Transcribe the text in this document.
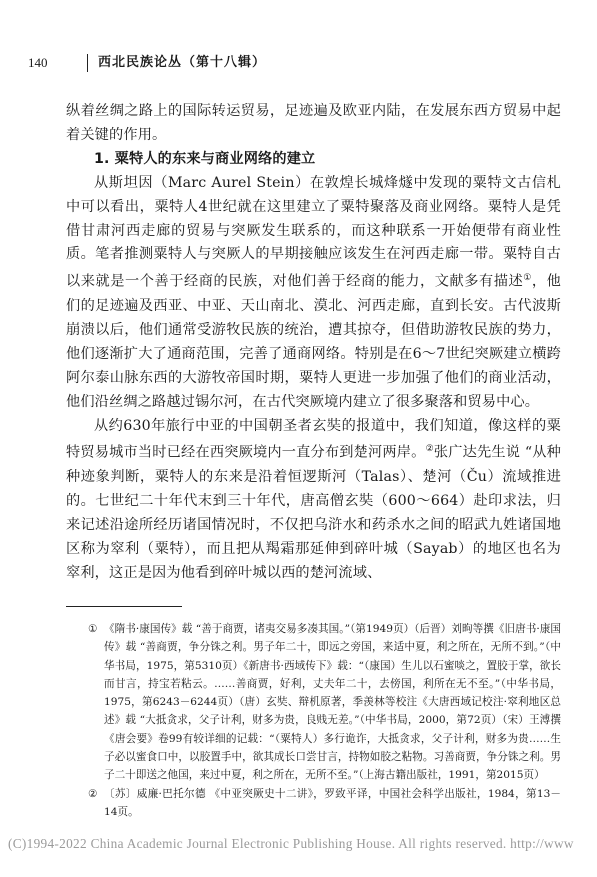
140	西北民族论丛（第十八辑）

纵着丝绸之路上的国际转运贸易，足迹遍及欧亚内陆，在发展东西方贸易中起着关键的作用。

1. 粟特人的东来与商业网络的建立

从斯坦因（Marc Aurel Stein）在敦煌长城烽燧中发现的粟特文古信札中可以看出，粟特人4世纪就在这里建立了粟特聚落及商业网络。粟特人是凭借甘肃河西走廊的贸易与突厥发生联系的，而这种联系一开始便带有商业性质。笔者推测粟特人与突厥人的早期接触应该发生在河西走廊一带。粟特自古以来就是一个善于经商的民族，对他们善于经商的能力，文献多有描述①，他们的足迹遍及西亚、中亚、天山南北、漠北、河西走廊，直到长安。古代波斯崩溃以后，他们通常受游牧民族的统治，遭其掠夺，但借助游牧民族的势力，他们逐渐扩大了通商范围，完善了通商网络。特别是在6～7世纪突厥建立横跨阿尔泰山脉东西的大游牧帝国时期，粟特人更进一步加强了他们的商业活动，他们沿丝绸之路越过锡尔河，在古代突厥境内建立了很多聚落和贸易中心。

从约630年旅行中亚的中国朝圣者玄奘的报道中，我们知道，像这样的粟特贸易城市当时已经在西突厥境内一直分布到楚河两岸。②张广达先生说 “从种种迹象判断，粟特人的东来是沿着恒逻斯河（Talas）、楚河（Ču）流域推进的。七世纪二十年代末到三十年代，唐高僧玄奘（600～664）赴印求法，归来记述沿途所经历诸国情况时，不仅把乌浒水和药杀水之间的昭武九姓诸国地区称为窣利（粟特），而且把从羯霜那延伸到碎叶城（Sayab）的地区也名为窣利，这正是因为他看到碎叶城以西的楚河流域、

① 《隋书·康国传》载 “善于商贾，诸夷交易多凑其国。”（第1949页）（后晋）刘昫等撰《旧唐书·康国传》载 “善商贾，争分铢之利。男子年二十，即远之旁国，来适中夏，利之所在，无所不到。”（中华书局，1975，第5310页）《新唐书·西域传下》载：“（康国）生儿以石蜜啖之，置胶于掌，欲长而甘言，持宝若粘云。……善商贾，好利，丈夫年二十，去傍国，利所在无不至。”（中华书局，1975，第6243－6244页）（唐）玄奘、辩机原著，季羡林等校注《大唐西域记校注·窣利地区总述》载 “大抵贪求，父子计利，财多为贵，良贱无差。”（中华书局，2000，第72页）（宋）王溥撰《唐会要》卷99有较详细的记载：“（粟特人）多行诡诈，大抵贪求，父子计利，财多为贵……生子必以蜜食口中，以胶置手中，欲其成长口尝甘言，持物如胶之粘物。习善商贾，争分铢之利。男子二十即送之他国，来过中夏，利之所在，无所不至。”（上海古籍出版社，1991，第2015页）

② 〔苏〕威廉·巴托尔德 《中亚突厥史十二讲》，罗致平译，中国社会科学出版社，1984，第13－14页。

(C)1994-2022 China Academic Journal Electronic Publishing House. All rights reserved. http://www
